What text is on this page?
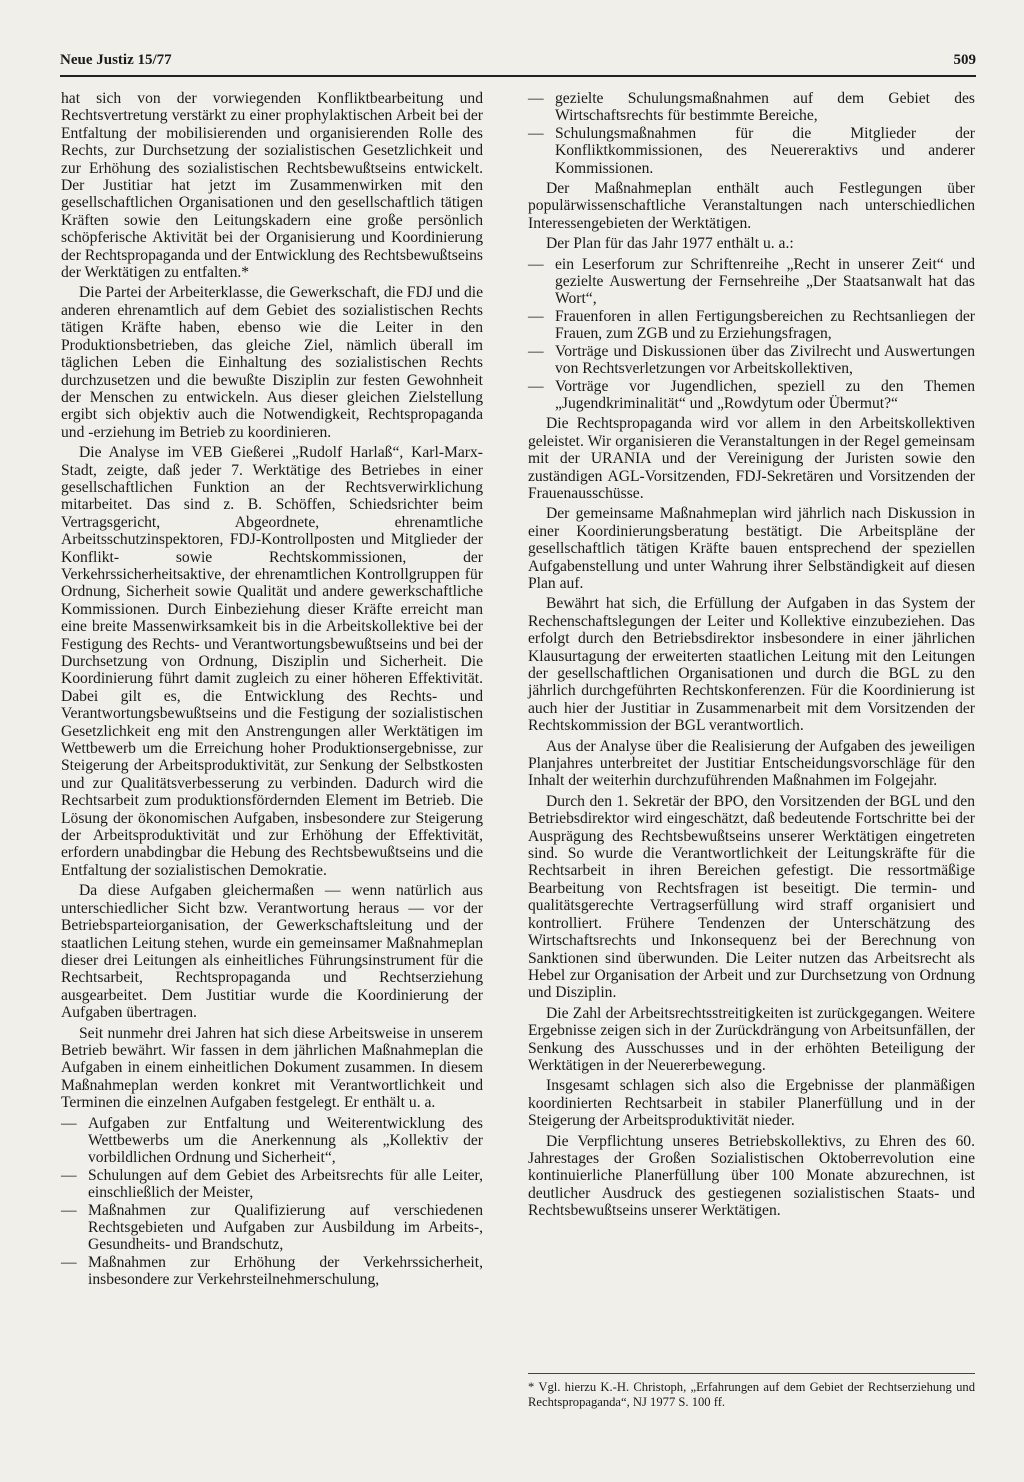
Neue Justiz 15/77	509

hat sich von der vorwiegenden Konfliktbearbeitung und Rechtsvertretung verstärkt zu einer prophylaktischen Arbeit bei der Entfaltung der mobilisierenden und organisierenden Rolle des Rechts, zur Durchsetzung der sozialistischen Gesetzlichkeit und zur Erhöhung des sozialistischen Rechtsbewußtseins entwickelt. Der Justitiar hat jetzt im Zusammenwirken mit den gesellschaftlichen Organisationen und den gesellschaftlich tätigen Kräften sowie den Leitungskadern eine große persönlich schöpferische Aktivität bei der Organisierung und Koordinierung der Rechtspropaganda und der Entwicklung des Rechtsbewußtseins der Werktätigen zu entfalten.*

Die Partei der Arbeiterklasse, die Gewerkschaft, die FDJ und die anderen ehrenamtlich auf dem Gebiet des sozialistischen Rechts tätigen Kräfte haben, ebenso wie die Leiter in den Produktionsbetrieben, das gleiche Ziel, nämlich überall im täglichen Leben die Einhaltung des sozialistischen Rechts durchzusetzen und die bewußte Disziplin zur festen Gewohnheit der Menschen zu entwickeln. Aus dieser gleichen Zielstellung ergibt sich objektiv auch die Notwendigkeit, Rechtspropaganda und -erziehung im Betrieb zu koordinieren.

Die Analyse im VEB Gießerei „Rudolf Harlaß“, Karl-Marx-Stadt, zeigte, daß jeder 7. Werktätige des Betriebes in einer gesellschaftlichen Funktion an der Rechtsverwirklichung mitarbeitet. Das sind z. B. Schöffen, Schiedsrichter beim Vertragsgericht, Abgeordnete, ehrenamtliche Arbeitsschutzinspektoren, FDJ-Kontrollposten und Mitglieder der Konflikt- sowie Rechtskommissionen, der Verkehrssicherheitsaktive, der ehrenamtlichen Kontrollgruppen für Ordnung, Sicherheit sowie Qualität und andere gewerkschaftliche Kommissionen. Durch Einbeziehung dieser Kräfte erreicht man eine breite Massenwirksamkeit bis in die Arbeitskollektive bei der Festigung des Rechts- und Verantwortungsbewußtseins und bei der Durchsetzung von Ordnung, Disziplin und Sicherheit. Die Koordinierung führt damit zugleich zu einer höheren Effektivität. Dabei gilt es, die Entwicklung des Rechts- und Verantwortungsbewußtseins und die Festigung der sozialistischen Gesetzlichkeit eng mit den Anstrengungen aller Werktätigen im Wettbewerb um die Erreichung hoher Produktionsergebnisse, zur Steigerung der Arbeitsproduktivität, zur Senkung der Selbstkosten und zur Qualitätsverbesserung zu verbinden. Dadurch wird die Rechtsarbeit zum produktionsfördernden Element im Betrieb. Die Lösung der ökonomischen Aufgaben, insbesondere zur Steigerung der Arbeitsproduktivität und zur Erhöhung der Effektivität, erfordern unabdingbar die Hebung des Rechtsbewußtseins und die Entfaltung der sozialistischen Demokratie.

Da diese Aufgaben gleichermaßen — wenn natürlich aus unterschiedlicher Sicht bzw. Verantwortung heraus — vor der Betriebsparteiorganisation, der Gewerkschaftsleitung und der staatlichen Leitung stehen, wurde ein gemeinsamer Maßnahmeplan dieser drei Leitungen als einheitliches Führungsinstrument für die Rechtsarbeit, Rechtspropaganda und Rechtserziehung ausgearbeitet. Dem Justitiar wurde die Koordinierung der Aufgaben übertragen.

Seit nunmehr drei Jahren hat sich diese Arbeitsweise in unserem Betrieb bewährt. Wir fassen in dem jährlichen Maßnahmeplan die Aufgaben in einem einheitlichen Dokument zusammen. In diesem Maßnahmeplan werden konkret mit Verantwortlichkeit und Terminen die einzelnen Aufgaben festgelegt. Er enthält u. a.

— Aufgaben zur Entfaltung und Weiterentwicklung des Wettbewerbs um die Anerkennung als „Kollektiv der vorbildlichen Ordnung und Sicherheit“,
— Schulungen auf dem Gebiet des Arbeitsrechts für alle Leiter, einschließlich der Meister,
— Maßnahmen zur Qualifizierung auf verschiedenen Rechtsgebieten und Aufgaben zur Ausbildung im Arbeits-, Gesundheits- und Brandschutz,
— Maßnahmen zur Erhöhung der Verkehrssicherheit, insbesondere zur Verkehrsteilnehmerschulung,
— gezielte Schulungsmaßnahmen auf dem Gebiet des Wirtschaftsrechts für bestimmte Bereiche,
— Schulungsmaßnahmen für die Mitglieder der Konfliktkommissionen, des Neuererаktivs und anderer Kommissionen.

Der Maßnahmeplan enthält auch Festlegungen über populärwissenschaftliche Veranstaltungen nach unterschiedlichen Interessengebieten der Werktätigen.

Der Plan für das Jahr 1977 enthält u. a.:

— ein Leserforum zur Schriftenreihe „Recht in unserer Zeit“ und gezielte Auswertung der Fernsehreihe „Der Staatsanwalt hat das Wort“,
— Frauenforen in allen Fertigungsbereichen zu Rechtsanliegen der Frauen, zum ZGB und zu Erziehungsfragen,
— Vorträge und Diskussionen über das Zivilrecht und Auswertungen von Rechtsverletzungen vor Arbeitskollektiven,
— Vorträge vor Jugendlichen, speziell zu den Themen „Jugendkriminalität“ und „Rowdytum oder Übermut?“

Die Rechtspropaganda wird vor allem in den Arbeitskollektiven geleistet. Wir organisieren die Veranstaltungen in der Regel gemeinsam mit der URANIA und der Vereinigung der Juristen sowie den zuständigen AGL-Vorsitzenden, FDJ-Sekretären und Vorsitzenden der Frauenausschüsse.

Der gemeinsame Maßnahmeplan wird jährlich nach Diskussion in einer Koordinierungsberatung bestätigt. Die Arbeitspläne der gesellschaftlich tätigen Kräfte bauen entsprechend der speziellen Aufgabenstellung und unter Wahrung ihrer Selbständigkeit auf diesen Plan auf.

Bewährt hat sich, die Erfüllung der Aufgaben in das System der Rechenschaftslegungen der Leiter und Kollektive einzubeziehen. Das erfolgt durch den Betriebsdirektor insbesondere in einer jährlichen Klausurtagung der erweiterten staatlichen Leitung mit den Leitungen der gesellschaftlichen Organisationen und durch die BGL zu den jährlich durchgeführten Rechtskonferenzen. Für die Koordinierung ist auch hier der Justitiar in Zusammenarbeit mit dem Vorsitzenden der Rechtskommission der BGL verantwortlich.

Aus der Analyse über die Realisierung der Aufgaben des jeweiligen Planjahres unterbreitet der Justitiar Entscheidungsvorschläge für den Inhalt der weiterhin durchzuführenden Maßnahmen im Folgejahr.

Durch den 1. Sekretär der BPO, den Vorsitzenden der BGL und den Betriebsdirektor wird eingeschätzt, daß bedeutende Fortschritte bei der Ausprägung des Rechtsbewußtseins unserer Werktätigen eingetreten sind. So wurde die Verantwortlichkeit der Leitungskräfte für die Rechtsarbeit in ihren Bereichen gefestigt. Die ressortmäßige Bearbeitung von Rechtsfragen ist beseitigt. Die termin- und qualitätsgerechte Vertragserfüllung wird straff organisiert und kontrolliert. Frühere Tendenzen der Unterschätzung des Wirtschaftsrechts und Inkonsequenz bei der Berechnung von Sanktionen sind überwunden. Die Leiter nutzen das Arbeitsrecht als Hebel zur Organisation der Arbeit und zur Durchsetzung von Ordnung und Disziplin.

Die Zahl der Arbeitsrechtsstreitigkeiten ist zurückgegangen. Weitere Ergebnisse zeigen sich in der Zurückdrängung von Arbeitsunfällen, der Senkung des Ausschusses und in der erhöhten Beteiligung der Werktätigen in der Neuererbewegung.

Insgesamt schlagen sich also die Ergebnisse der planmäßigen koordinierten Rechtsarbeit in stabiler Planerfüllung und in der Steigerung der Arbeitsproduktivität nieder.

Die Verpflichtung unseres Betriebskollektivs, zu Ehren des 60. Jahrestages der Großen Sozialistischen Oktoberrevolution eine kontinuierliche Planerfüllung über 100 Monate abzurechnen, ist deutlicher Ausdruck des gestiegenen sozialistischen Staats- und Rechtsbewußtseins unserer Werktätigen.

* Vgl. hierzu K.-H. Christoph, „Erfahrungen auf dem Gebiet der Rechtserziehung und Rechtspropaganda“, NJ 1977 S. 100 ff.
